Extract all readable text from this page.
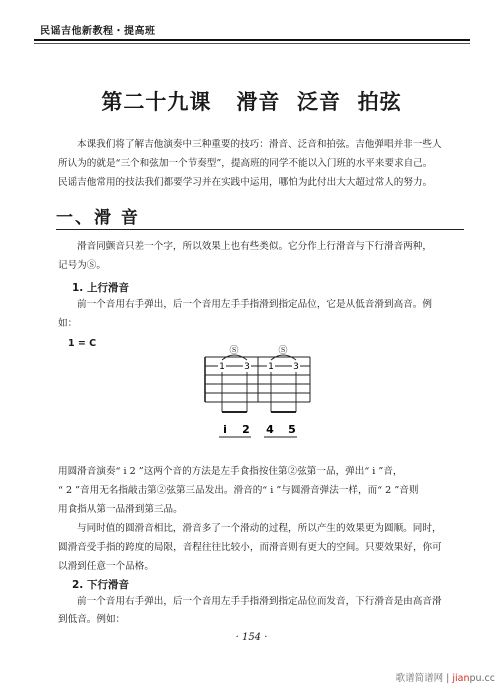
民谣吉他新教程・提高班
第二十九课   滑音  泛音  拍弦
本课我们将了解吉他演奏中三种重要的技巧：滑音、泛音和拍弦。吉他弹唱并非一些人
所认为的就是“三个和弦加一个节奏型”，提高班的同学不能以入门班的水平来要求自己。
民谣吉他常用的技法我们都要学习并在实践中运用，哪怕为此付出大大超过常人的努力。
一、滑 音
滑音同颤音只差一个字，所以效果上也有些类似。它分作上行滑音与下行滑音两种，
记号为Ⓢ。
1. 上行滑音
前一个音用右手弹出，后一个音用左手手指滑到指定品位，它是从低音滑到高音。例
如：
1 = C
Ⓢ	Ⓢ
1 3 1 3
i 2 4 5
用圆滑音演奏“ i 2 ”这两个音的方法是左手食指按住第②弦第一品，弹出“ i ”音，
“ 2 ”音用无名指敲击第②弦第三品发出。滑音的“ i ”与圆滑音弹法一样，而“ 2 ”音则
用食指从第一品滑到第三品。
与同时值的圆滑音相比，滑音多了一个滑动的过程，所以产生的效果更为圆顺。同时，
圆滑音受手指的跨度的局限，音程往往比较小，而滑音则有更大的空间。只要效果好，你可
以滑到任意一个品格。
2. 下行滑音
前一个音用右手弹出，后一个音用左手手指滑到指定品位而发音，下行滑音是由高音滑
到低音。例如：
· 154 ·
歌谱简谱网 | jianpu.cc
